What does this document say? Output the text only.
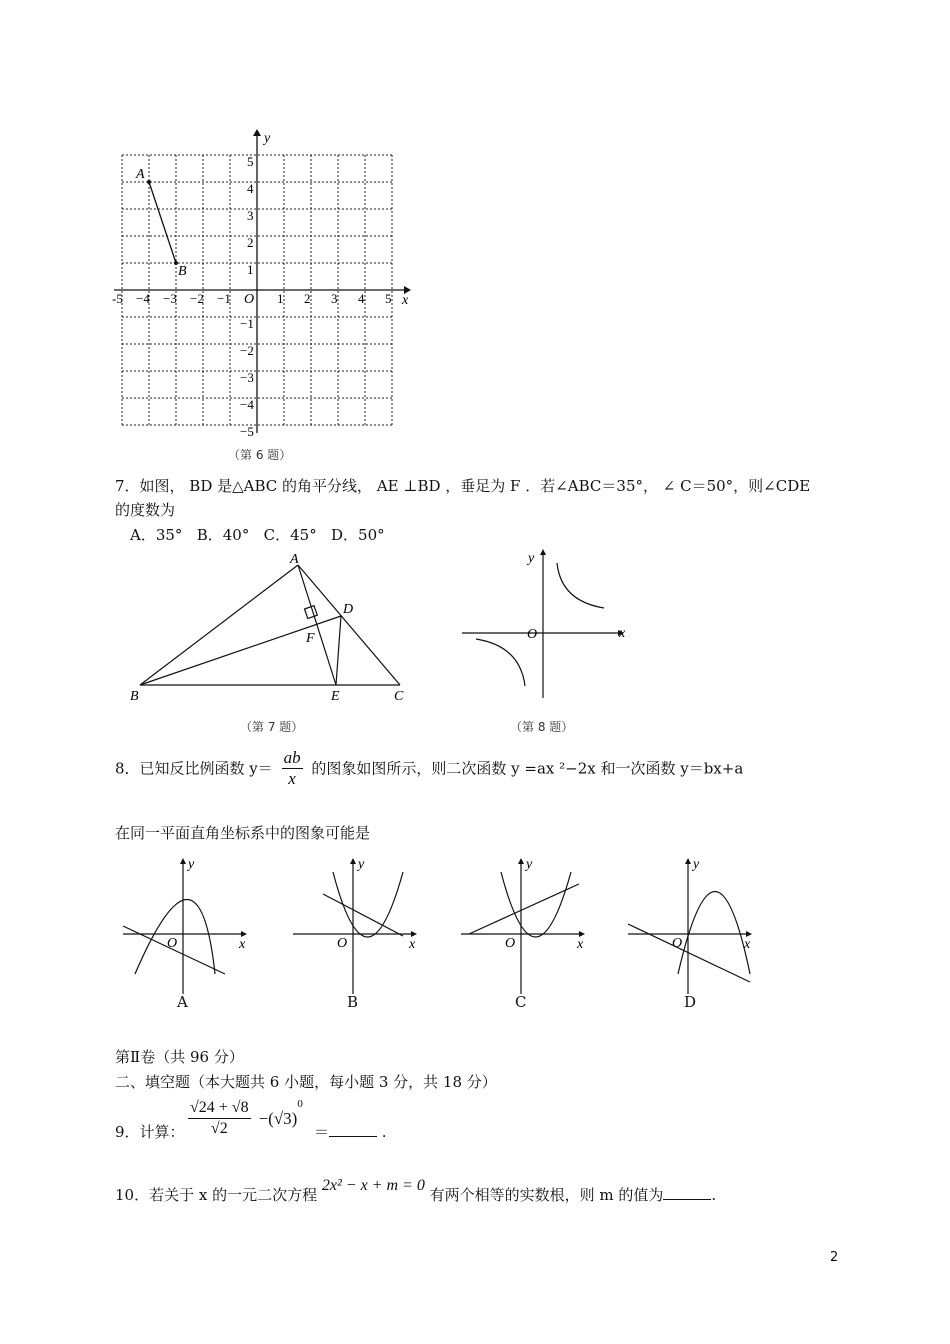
x
y
O
-5 −4 −3 −2 −1	1 2 3 4 5
5
4
3
2
1
−1
−2
−3
−4
−5
A
B
（第 6 题）
7．如图， BD 是△ABC 的角平分线， AE ⊥BD ，垂足为 F ．若∠ABC＝35°， ∠ C＝50°，则∠CDE
的度数为
A．35°   B．40°   C．45°   D．50°
A
B	C
D
E
F
（第 7 题）
x
y
O
（第 8 题）
8．已知反比例函数 $y= \frac{ab}{x}$ 的图象如图所示，则二次函数 y =ax ²−2x 和一次函数 y＝bx+a
在同一平面直角坐标系中的图象可能是
x
y
O
A
x
y
O
B
x
y
O
C
x
y
O
D
第Ⅱ卷（共 96 分）
二、填空题（本大题共 6 小题，每小题 3 分，共 18 分）
9．计算： $\frac{√24 + √8}{√2} -(√3)^0$
＝	.
10．若关于 x 的一元二次方程 2x² − x + m = 0 有两个相等的实数根，则 m 的值为	.
2
